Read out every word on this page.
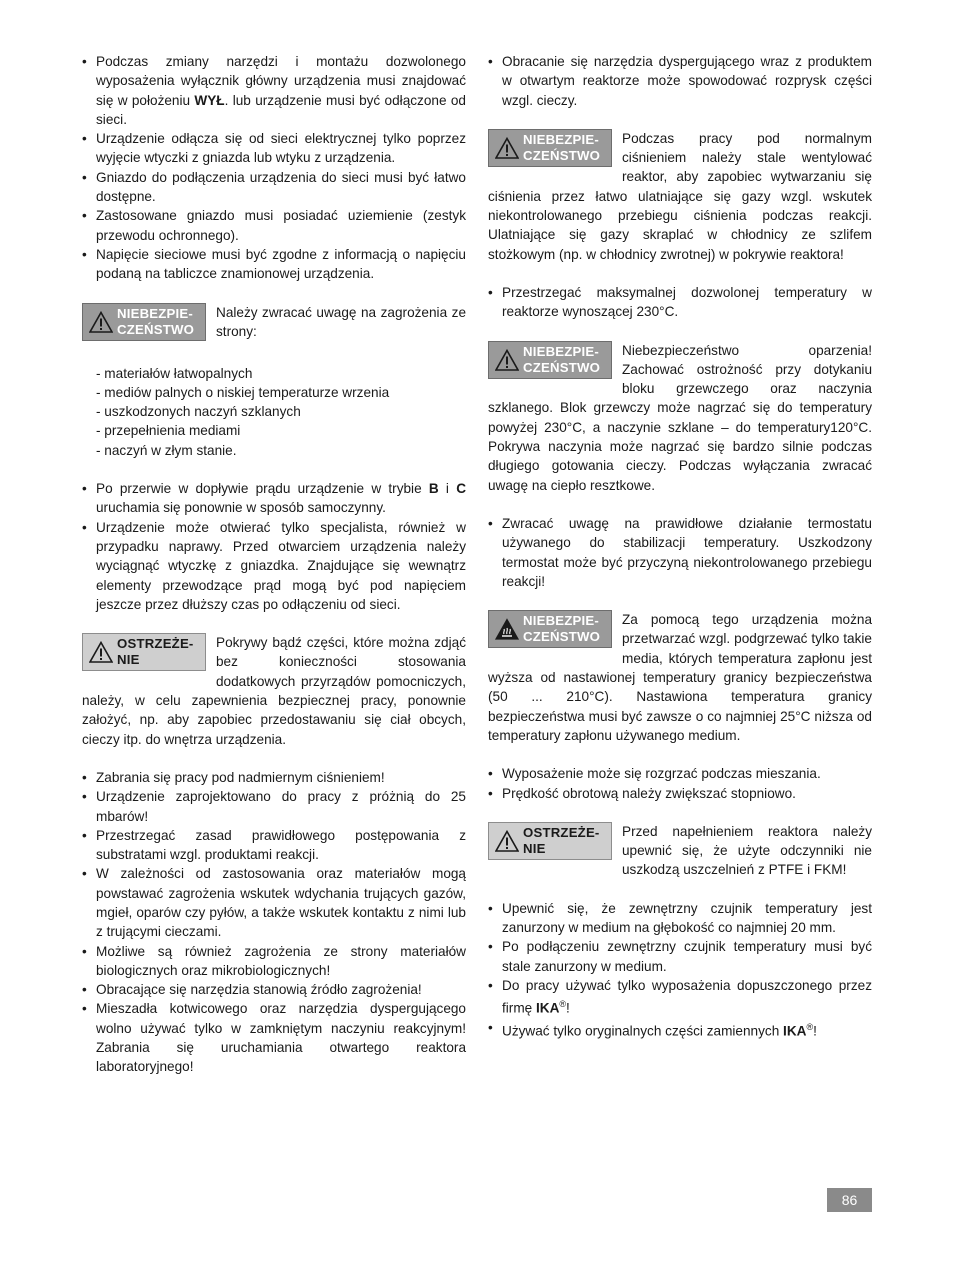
• Podczas zmiany narzędzi i montażu dozwolonego wyposażenia wyłącznik główny urządzenia musi znajdować się w położeniu WYŁ. lub urządzenie musi być odłączone od sieci.
• Urządzenie odłącza się od sieci elektrycznej tylko poprzez wyjęcie wtyczki z gniazda lub wtyku z urządzenia.
• Gniazdo do podłączenia urządzenia do sieci musi być łatwo dostępne.
• Zastosowane gniazdo musi posiadać uziemienie (zestyk przewodu ochronnego).
• Napięcie sieciowe musi być zgodne z informacją o napięciu podaną na tabliczce znamionowej urządzenia.
NIEBEZPIE-
CZEŃSTWO
Należy zwracać uwagę na zagrożenia ze strony:
- materiałów łatwopalnych
- mediów palnych o niskiej temperaturze wrzenia
- uszkodzonych naczyń szklanych
- przepełnienia mediami
- naczyń w złym stanie.
• Po przerwie w dopływie prądu urządzenie w trybie B i C uruchamia się ponownie w sposób samoczynny.
• Urządzenie może otwierać tylko specjalista, również w przypadku naprawy. Przed otwarciem urządzenia należy wyciągnąć wtyczkę z gniazdka. Znajdujące się wewnątrz elementy przewodzące prąd mogą być pod napięciem jeszcze przez dłuższy czas po odłączeniu od sieci.
OSTRZEŻE-
NIE
Pokrywy bądź części, które można zdjąć bez konieczności stosowania dodatkowych przyrządów pomocniczych, należy, w celu zapewnienia bezpiecznej pracy, ponownie założyć, np. aby zapobiec przedostawaniu się ciał obcych, cieczy itp. do wnętrza urządzenia.
• Zabrania się pracy pod nadmiernym ciśnieniem!
• Urządzenie zaprojektowano do pracy z próżnią do 25 mbarów!
• Przestrzegać zasad prawidłowego postępowania z substratami wzgl. produktami reakcji.
• W zależności od zastosowania oraz materiałów mogą powstawać zagrożenia wskutek wdychania trujących gazów, mgieł, oparów czy pyłów, a także wskutek kontaktu z nimi lub z trującymi cieczami.
• Możliwe są również zagrożenia ze strony materiałów biologicznych oraz mikrobiologicznych!
• Obracające się narzędzia stanowią źródło zagrożenia!
• Mieszadła kotwicowego oraz narzędzia dyspergującego wolno używać tylko w zamkniętym naczyniu reakcyjnym! Zabrania się uruchamiania otwartego reaktora laboratoryjnego!
• Obracanie się narzędzia dyspergującego wraz z produktem w otwartym reaktorze może spowodować rozprysk części wzgl. cieczy.
NIEBEZPIE-
CZEŃSTWO
Podczas pracy pod normalnym ciśnieniem należy stale wentylować reaktor, aby zapobiec wytwarzaniu się ciśnienia przez łatwo ulatniające się gazy wzgl. wskutek niekontrolowanego przebiegu ciśnienia podczas reakcji. Ulatniające się gazy skraplać w chłodnicy ze szlifem stożkowym (np. w chłodnicy zwrotnej) w pokrywie reaktora!
• Przestrzegać maksymalnej dozwolonej temperatury w reaktorze wynoszącej 230°C.
NIEBEZPIE-
CZEŃSTWO
Niebezpieczeństwo oparzenia! Zachować ostrożność przy dotykaniu bloku grzewczego oraz naczynia szklanego. Blok grzewczy może nagrzać się do temperatury powyżej 230°C, a naczynie szklane – do temperatury120°C. Pokrywa naczynia może nagrzać się bardzo silnie podczas długiego gotowania cieczy. Podczas wyłączania zwracać uwagę na ciepło resztkowe.
• Zwracać uwagę na prawidłowe działanie termostatu używanego do stabilizacji temperatury. Uszkodzony termostat może być przyczyną niekontrolowanego przebiegu reakcji!
NIEBEZPIE-
CZEŃSTWO
Za pomocą tego urządzenia można przetwarzać wzgl. podgrzewać tylko takie media, których temperatura zapłonu jest wyższa od nastawionej temperatury granicy bezpieczeństwa (50 ... 210°C). Nastawiona temperatura granicy bezpieczeństwa musi być zawsze o co najmniej 25°C niższa od temperatury zapłonu używanego medium.
• Wyposażenie może się rozgrzać podczas mieszania.
• Prędkość obrotową należy zwiększać stopniowo.
OSTRZEŻE-
NIE
Przed napełnieniem reaktora należy upewnić się, że użyte odczynniki nie uszkodzą uszczelnień z PTFE i FKM!
• Upewnić się, że zewnętrzny czujnik temperatury jest zanurzony w medium na głębokość co najmniej 20 mm.
• Po podłączeniu zewnętrzny czujnik temperatury musi być stale zanurzony w medium.
• Do pracy używać tylko wyposażenia dopuszczonego przez firmę IKA®!
• Używać tylko oryginalnych części zamiennych IKA®!
86
